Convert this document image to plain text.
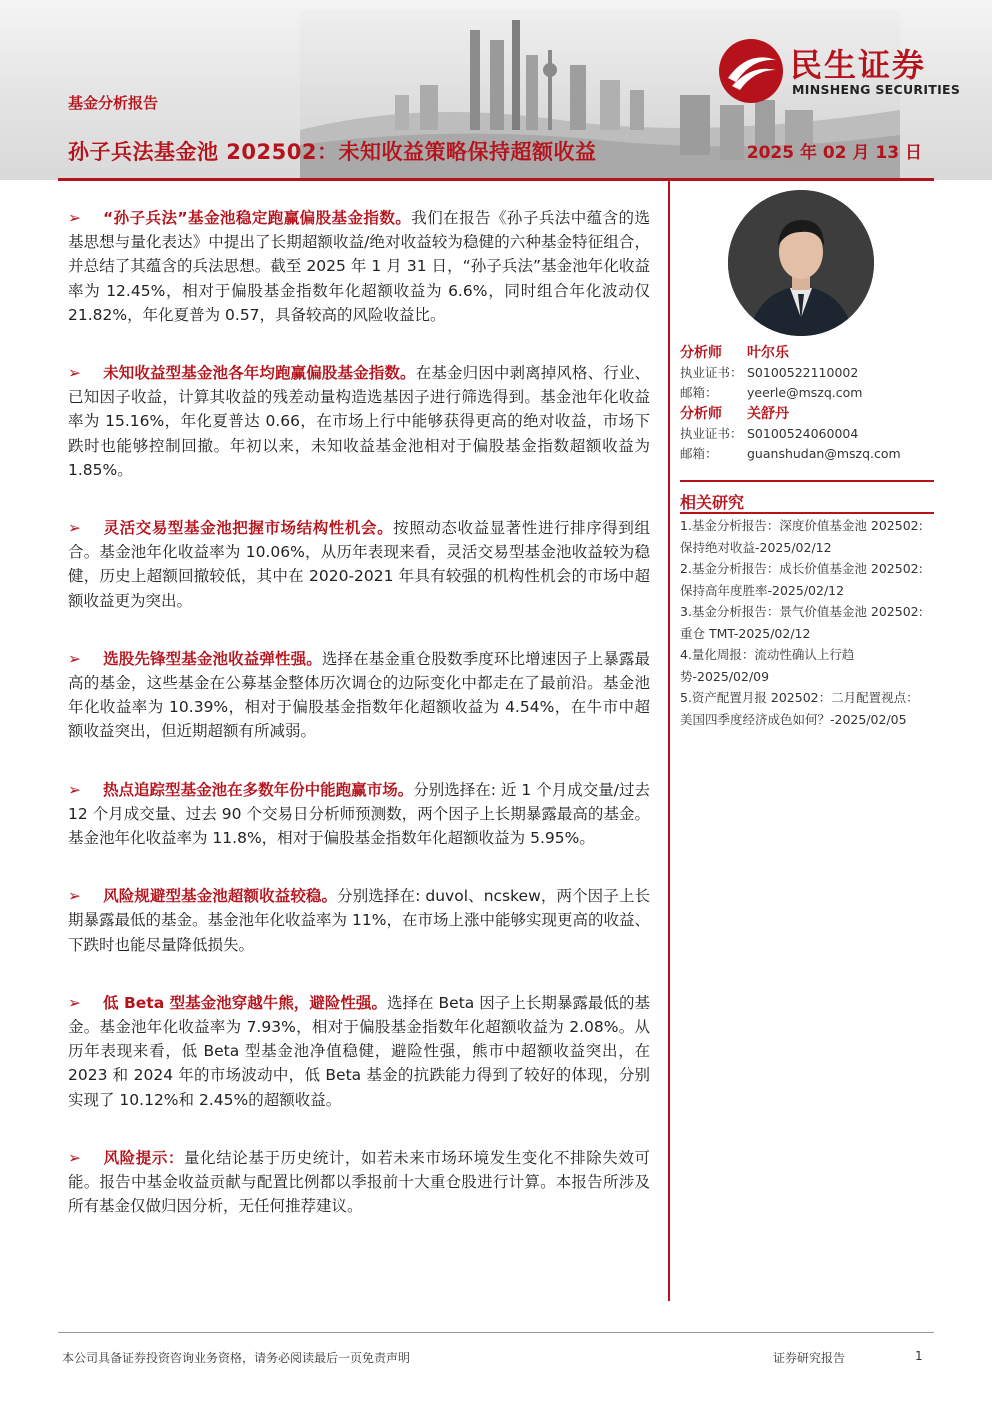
民生证券
MINSHENG SECURITIES
基金分析报告
孙子兵法基金池 202502：未知收益策略保持超额收益	2025 年 02 月 13 日

➢ “孙子兵法”基金池稳定跑赢偏股基金指数。我们在报告《孙子兵法中蕴含的选基思想与量化表达》中提出了长期超额收益/绝对收益较为稳健的六种基金特征组合，并总结了其蕴含的兵法思想。截至 2025 年 1 月 31 日，“孙子兵法”基金池年化收益率为 12.45%，相对于偏股基金指数年化超额收益为 6.6%，同时组合年化波动仅 21.82%，年化夏普为 0.57，具备较高的风险收益比。

➢ 未知收益型基金池各年均跑赢偏股基金指数。在基金归因中剥离掉风格、行业、已知因子收益，计算其收益的残差动量构造选基因子进行筛选得到。基金池年化收益率为 15.16%，年化夏普达 0.66，在市场上行中能够获得更高的绝对收益，市场下跌时也能够控制回撤。年初以来，未知收益基金池相对于偏股基金指数超额收益为 1.85%。

➢ 灵活交易型基金池把握市场结构性机会。按照动态收益显著性进行排序得到组合。基金池年化收益率为 10.06%，从历年表现来看，灵活交易型基金池收益较为稳健，历史上超额回撤较低，其中在 2020-2021 年具有较强的机构性机会的市场中超额收益更为突出。

➢ 选股先锋型基金池收益弹性强。选择在基金重仓股数季度环比增速因子上暴露最高的基金，这些基金在公募基金整体历次调仓的边际变化中都走在了最前沿。基金池年化收益率为 10.39%，相对于偏股基金指数年化超额收益为 4.54%，在牛市中超额收益突出，但近期超额有所减弱。

➢ 热点追踪型基金池在多数年份中能跑赢市场。分别选择在: 近 1 个月成交量/过去 12 个月成交量、过去 90 个交易日分析师预测数，两个因子上长期暴露最高的基金。基金池年化收益率为 11.8%，相对于偏股基金指数年化超额收益为 5.95%。

➢ 风险规避型基金池超额收益较稳。分别选择在: duvol、ncskew，两个因子上长期暴露最低的基金。基金池年化收益率为 11%，在市场上涨中能够实现更高的收益、下跌时也能尽量降低损失。

➢ 低 Beta 型基金池穿越牛熊，避险性强。选择在 Beta 因子上长期暴露最低的基金。基金池年化收益率为 7.93%，相对于偏股基金指数年化超额收益为 2.08%。从历年表现来看，低 Beta 型基金池净值稳健，避险性强，熊市中超额收益突出，在 2023 和 2024 年的市场波动中，低 Beta 基金的抗跌能力得到了较好的体现，分别实现了 10.12%和 2.45%的超额收益。

➢ 风险提示：量化结论基于历史统计，如若未来市场环境发生变化不排除失效可能。报告中基金收益贡献与配置比例都以季报前十大重仓股进行计算。本报告所涉及所有基金仅做归因分析，无任何推荐建议。

分析师	叶尔乐
执业证书： S0100522110002
邮箱：	yeerle@mszq.com
分析师	关舒丹
执业证书： S0100524060004
邮箱：	guanshudan@mszq.com
相关研究
1.基金分析报告：深度价值基金池 202502: 保持绝对收益-2025/02/12
2.基金分析报告：成长价值基金池 202502: 保持高年度胜率-2025/02/12
3.基金分析报告：景气价值基金池 202502: 重仓 TMT-2025/02/12
4.量化周报：流动性确认上行趋势-2025/02/09
5.资产配置月报 202502：二月配置视点：美国四季度经济成色如何？-2025/02/05
本公司具备证券投资咨询业务资格，请务必阅读最后一页免责声明	证券研究报告	1
